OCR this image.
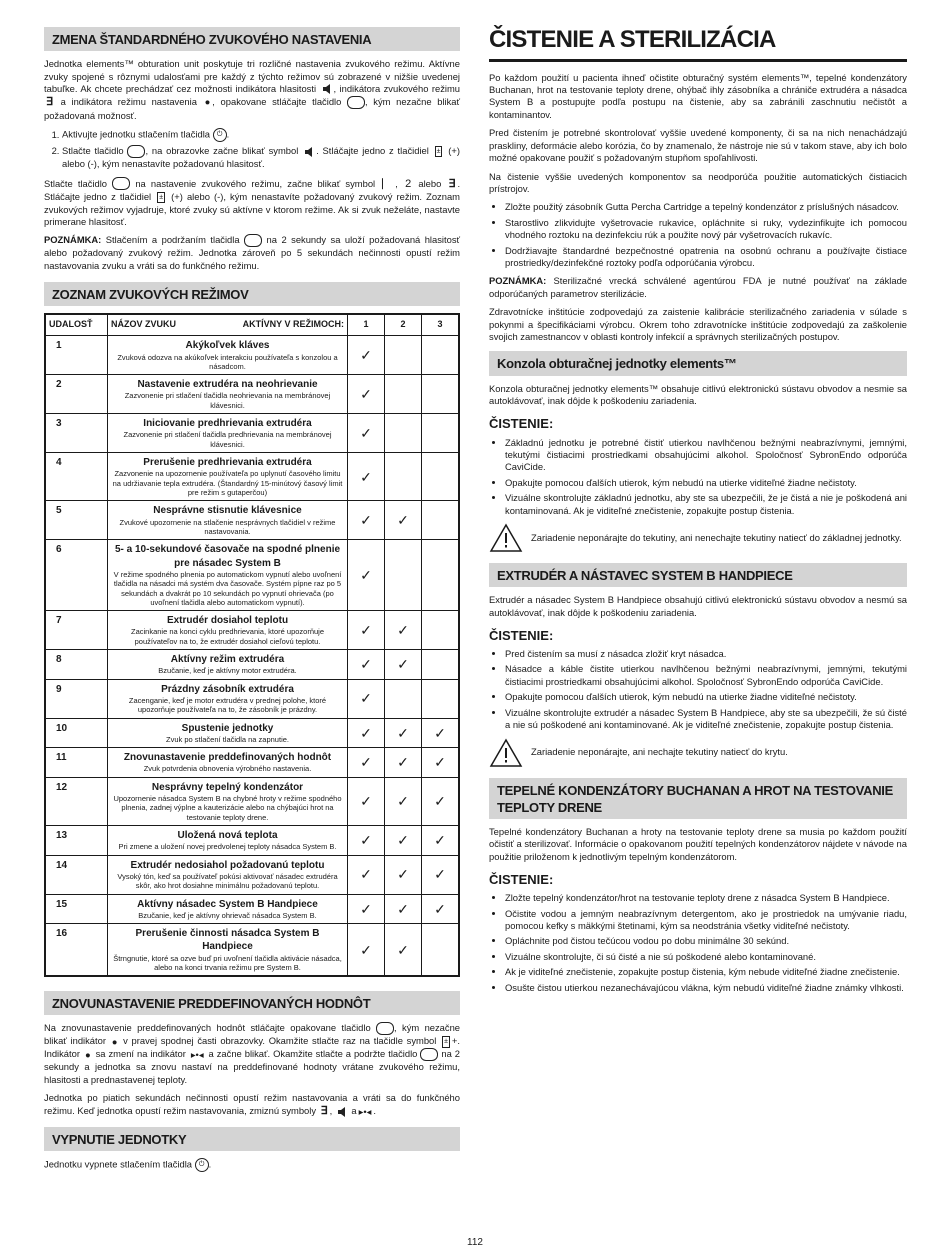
ZMENA ŠTANDARDNÉHO ZVUKOVÉHO NASTAVENIA

Jednotka elements™ obturation unit poskytuje tri rozličné nastavenia zvukového režimu. Aktívne zvuky spojené s rôznymi udalosťami pre každý z týchto režimov sú zobrazené v nižšie uvedenej tabuľke. Ak chcete prechádzať cez možnosti indikátora hlasitosti , indikátora zvukového režimu ∃ a indikátora režimu nastavenia ● , opakovane stláčajte tlačidlo	, kým nezačne blikať požadovaná možnosť.

1. Aktivujte jednotku stlačením tlačidla ⏻ .
2. Stlačte tlačidlo , na obrazovke začne blikať symbol . Stláčajte jedno z tlačidiel ± (+) alebo (-), kým nenastavíte požadovanú hlasitosť.

Stlačte tlačidlo	na nastavenie zvukového režimu, začne blikať symbol ⎸ , 2 alebo ∃ . Stláčajte jedno z tlačidiel ± (+) alebo (-), kým nenastavíte požadovaný zvukový režim. Zoznam zvukových režimov vyjadruje, ktoré zvuky sú aktívne v ktorom režime. Ak si zvuk neželáte, nastavte primerane hlasitosť.

POZNÁMKA: Stlačením a podržaním tlačidla	na 2 sekundy sa uloží požadovaná hlasitosť alebo požadovaný zvukový režim. Jednotka zároveň po 5 sekundách nečinnosti opustí režim nastavovania zvuku a vráti sa do funkčného režimu.

ZOZNAM ZVUKOVÝCH REŽIMOV
UDALOSŤ	NÁZOV ZVUKU AKTÍVNY V REŽIMOCH:	1	2	3
1	Akýkoľvek kláves
Zvuková odozva na akúkoľvek interakciu používateľa s konzolou a násadcom.	✓		
2	Nastavenie extrudéra na neohrievanie
Zazvonenie pri stlačení tlačidla neohrievania na membránovej klávesnici.	✓		
3	Iniciovanie predhrievania extrudéra
Zazvonenie pri stlačení tlačidla predhrievania na membránovej klávesnici.	✓		
4	Prerušenie predhrievania extrudéra
Zazvonenie na upozornenie používateľa po uplynutí časového limitu na udržiavanie tepla extrudéra. (Štandardný 15-minútový časový limit pre režim s gutaperčou)	✓		
5	Nesprávne stisnutie klávesnice
Zvukové upozornenie na stlačenie nesprávnych tlačidiel v režime nastavovania.	✓	✓	
6	5- a 10-sekundové časovače na spodné plnenie pre násadec System B
V režime spodného plnenia po automatickom vypnutí alebo uvoľnení tlačidla na násadci má systém dva časovače. Systém pípne raz po 5 sekundách a dvakrát po 10 sekundách po vypnutí ohrievača (po uvoľnení tlačidla alebo automatickom vypnutí).	✓		
7	Extrudér dosiahol teplotu
Zacinkanie na konci cyklu predhrievania, ktoré upozorňuje používateľov na to, že extrudér dosiahol cieľovú teplotu.	✓	✓	
8	Aktívny režim extrudéra
Bzučanie, keď je aktívny motor extrudéra.	✓	✓	
9	Prázdny zásobník extrudéra
Zacenganie, keď je motor extrudéra v prednej polohe, ktoré upozorňuje používateľa na to, že zásobník je prázdny.	✓		
10	Spustenie jednotky
Zvuk po stlačení tlačidla na zapnutie.	✓	✓	✓
11	Znovunastavenie preddefinovaných hodnôt
Zvuk potvrdenia obnovenia výrobného nastavenia.	✓	✓	✓
12	Nesprávny tepelný kondenzátor
Upozornenie násadca System B na chybné hroty v režime spodného plnenia, zadnej výplne a kauterizácie alebo na chýbajúci hrot na testovanie teploty drene.	✓	✓	✓
13	Uložená nová teplota
Pri zmene a uložení novej predvolenej teploty násadca System B.	✓	✓	✓
14	Extrudér nedosiahol požadovanú teplotu
Vysoký tón, keď sa používateľ pokúsi aktivovať násadec extrudéra skôr, ako hrot dosiahne minimálnu požadovanú teplotu.	✓	✓	✓
15	Aktívny násadec System B Handpiece
Bzučanie, keď je aktívny ohrievač násadca System B.	✓	✓	✓
16	Prerušenie činnosti násadca System B Handpiece
Štrngnutie, ktoré sa ozve buď pri uvoľnení tlačidla aktivácie násadca, alebo na konci trvania režimu pre System B.	✓	✓	
ZNOVUNASTAVENIE PREDDEFINOVANÝCH HODNÔT

Na znovunastavenie preddefinovaných hodnôt stláčajte opakovane tlačidlo , kým nezačne blikať indikátor ● v pravej spodnej časti obrazovky. Okamžite stlačte raz na tlačidle symbol ± +. Indikátor ● sa zmení na indikátor ▸•◂ a začne blikať. Okamžite stlačte a podržte tlačidlo	na 2 sekundy a jednotka sa znovu nastaví na preddefinované hodnoty vrátane zvukového režimu, hlasitosti a prednastavenej teploty.

Jednotka po piatich sekundách nečinnosti opustí režim nastavovania a vráti sa do funkčného režimu. Keď jednotka opustí režim nastavovania, zmiznú symboly ∃ ,  a ▸•◂ .

VYPNUTIE JEDNOTKY

Jednotku vypnete stlačením tlačidla ⏻ .

ČISTENIE A STERILIZÁCIA

Po každom použití u pacienta ihneď očistite obturačný systém elements™, tepelné kondenzátory Buchanan, hrot na testovanie teploty drene, ohýbač ihly zásobníka a chrániče extrudéra a násadca System B a postupujte podľa postupu na čistenie, aby sa zabránili zaschnutiu nečistôt a kontaminantov.

Pred čistením je potrebné skontrolovať vyššie uvedené komponenty, či sa na nich nenachádzajú praskliny, deformácie alebo korózia, čo by znamenalo, že nástroje nie sú v takom stave, aby ich bolo možné opakovane použiť s požadovaným stupňom spoľahlivosti.

Na čistenie vyššie uvedených komponentov sa neodporúča použitie automatických čistiacich prístrojov.

• Zložte použitý zásobník Gutta Percha Cartridge a tepelný kondenzátor z príslušných násadcov.
• Starostlivo zlikvidujte vyšetrovacie rukavice, opláchnite si ruky, vydezinfikujte ich pomocou vhodného roztoku na dezinfekciu rúk a použite nový pár vyšetrovacích rukavíc.
• Dodržiavajte štandardné bezpečnostné opatrenia na osobnú ochranu a používajte čistiace prostriedky/dezinfekčné roztoky podľa odporúčania výrobcu.

POZNÁMKA: Sterilizačné vrecká schválené agentúrou FDA je nutné používať na základe odporúčaných parametrov sterilizácie.

Zdravotnícke inštitúcie zodpovedajú za zaistenie kalibrácie sterilizačného zariadenia v súlade s pokynmi a špecifikáciami výrobcu. Okrem toho zdravotnícke inštitúcie zodpovedajú za zaškolenie svojich zamestnancov v oblasti kontroly infekcií a správnych sterilizačných postupov.

Konzola obturačnej jednotky elements™

Konzola obturačnej jednotky elements™ obsahuje citlivú elektronickú sústavu obvodov a nesmie sa autoklávovať, inak dôjde k poškodeniu zariadenia.

ČISTENIE:
• Základnú jednotku je potrebné čistiť utierkou navlhčenou bežnými neabrazívnymi, jemnými, tekutými čistiacimi prostriedkami obsahujúcimi alkohol. Spoločnosť SybronEndo odporúča CaviCide.
• Opakujte pomocou ďalších utierok, kým nebudú na utierke viditeľné žiadne nečistoty.
• Vizuálne skontrolujte základnú jednotku, aby ste sa ubezpečili, že je čistá a nie je poškodená ani kontaminovaná. Ak je viditeľné znečistenie, zopakujte postup čistenia.
Zariadenie neponárajte do tekutiny, ani nenechajte tekutiny natiecť do základnej jednotky.
EXTRUDÉR A NÁSTAVEC SYSTEM B HANDPIECE

Extrudér a násadec System B Handpiece obsahujú citlivú elektronickú sústavu obvodov a nesmú sa autoklávovať, inak dôjde k poškodeniu zariadenia.

ČISTENIE:
• Pred čistením sa musí z násadca zložiť kryt násadca.
• Násadce a káble čistite utierkou navlhčenou bežnými neabrazívnymi, jemnými, tekutými čistiacimi prostriedkami obsahujúcimi alkohol. Spoločnosť SybronEndo odporúča CaviCide.
• Opakujte pomocou ďalších utierok, kým nebudú na utierke žiadne viditeľné nečistoty.
• Vizuálne skontrolujte extrudér a násadec System B Handpiece, aby ste sa ubezpečili, že sú čisté a nie sú poškodené ani kontaminované. Ak je viditeľné znečistenie, zopakujte postup čistenia.
Zariadenie neponárajte, ani nechajte tekutiny natiecť do krytu.
TEPELNÉ KONDENZÁTORY BUCHANAN A HROT NA TESTOVANIE TEPLOTY DRENE

Tepelné kondenzátory Buchanan a hroty na testovanie teploty drene sa musia po každom použití očistiť a sterilizovať. Informácie o opakovanom použití tepelných kondenzátorov nájdete v návode na použitie priloženom k jednotlivým tepelným kondenzátorom.

ČISTENIE:
• Zložte tepelný kondenzátor/hrot na testovanie teploty drene z násadca System B Handpiece.
• Očistite vodou a jemným neabrazívnym detergentom, ako je prostriedok na umývanie riadu, pomocou kefky s mäkkými štetinami, kým sa neodstránia všetky viditeľné nečistoty.
• Opláchnite pod čistou tečúcou vodou po dobu minimálne 30 sekúnd.
• Vizuálne skontrolujte, či sú čisté a nie sú poškodené alebo kontaminované.
• Ak je viditeľné znečistenie, zopakujte postup čistenia, kým nebude viditeľné žiadne znečistenie.
• Osušte čistou utierkou nezanechávajúcou vlákna, kým nebudú viditeľné žiadne známky vlhkosti.
112
